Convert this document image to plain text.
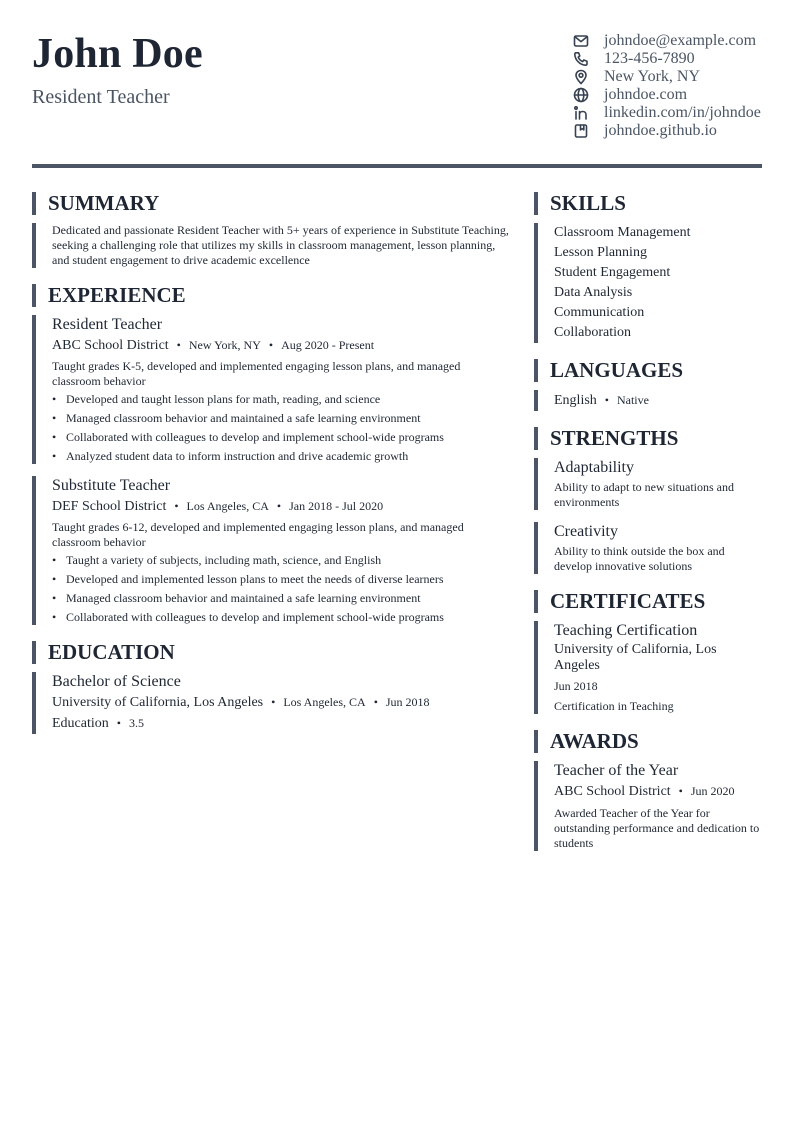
John Doe
Resident Teacher
johndoe@example.com
123-456-7890
New York, NY
johndoe.com
linkedin.com/in/johndoe
johndoe.github.io
SUMMARY
Dedicated and passionate Resident Teacher with 5+ years of experience in Substitute Teaching, seeking a challenging role that utilizes my skills in classroom management, lesson planning, and student engagement to drive academic excellence
EXPERIENCE
Resident Teacher
ABC School District • New York, NY • Aug 2020 - Present
Taught grades K-5, developed and implemented engaging lesson plans, and managed classroom behavior
• Developed and taught lesson plans for math, reading, and science
• Managed classroom behavior and maintained a safe learning environment
• Collaborated with colleagues to develop and implement school-wide programs
• Analyzed student data to inform instruction and drive academic growth
Substitute Teacher
DEF School District • Los Angeles, CA • Jan 2018 - Jul 2020
Taught grades 6-12, developed and implemented engaging lesson plans, and managed classroom behavior
• Taught a variety of subjects, including math, science, and English
• Developed and implemented lesson plans to meet the needs of diverse learners
• Managed classroom behavior and maintained a safe learning environment
• Collaborated with colleagues to develop and implement school-wide programs
EDUCATION
Bachelor of Science
University of California, Los Angeles • Los Angeles, CA • Jun 2018
Education • 3.5
SKILLS
Classroom Management
Lesson Planning
Student Engagement
Data Analysis
Communication
Collaboration
LANGUAGES
English • Native
STRENGTHS
Adaptability
Ability to adapt to new situations and environments
Creativity
Ability to think outside the box and develop innovative solutions
CERTIFICATES
Teaching Certification
University of California, Los Angeles
Jun 2018
Certification in Teaching
AWARDS
Teacher of the Year
ABC School District • Jun 2020
Awarded Teacher of the Year for outstanding performance and dedication to students
